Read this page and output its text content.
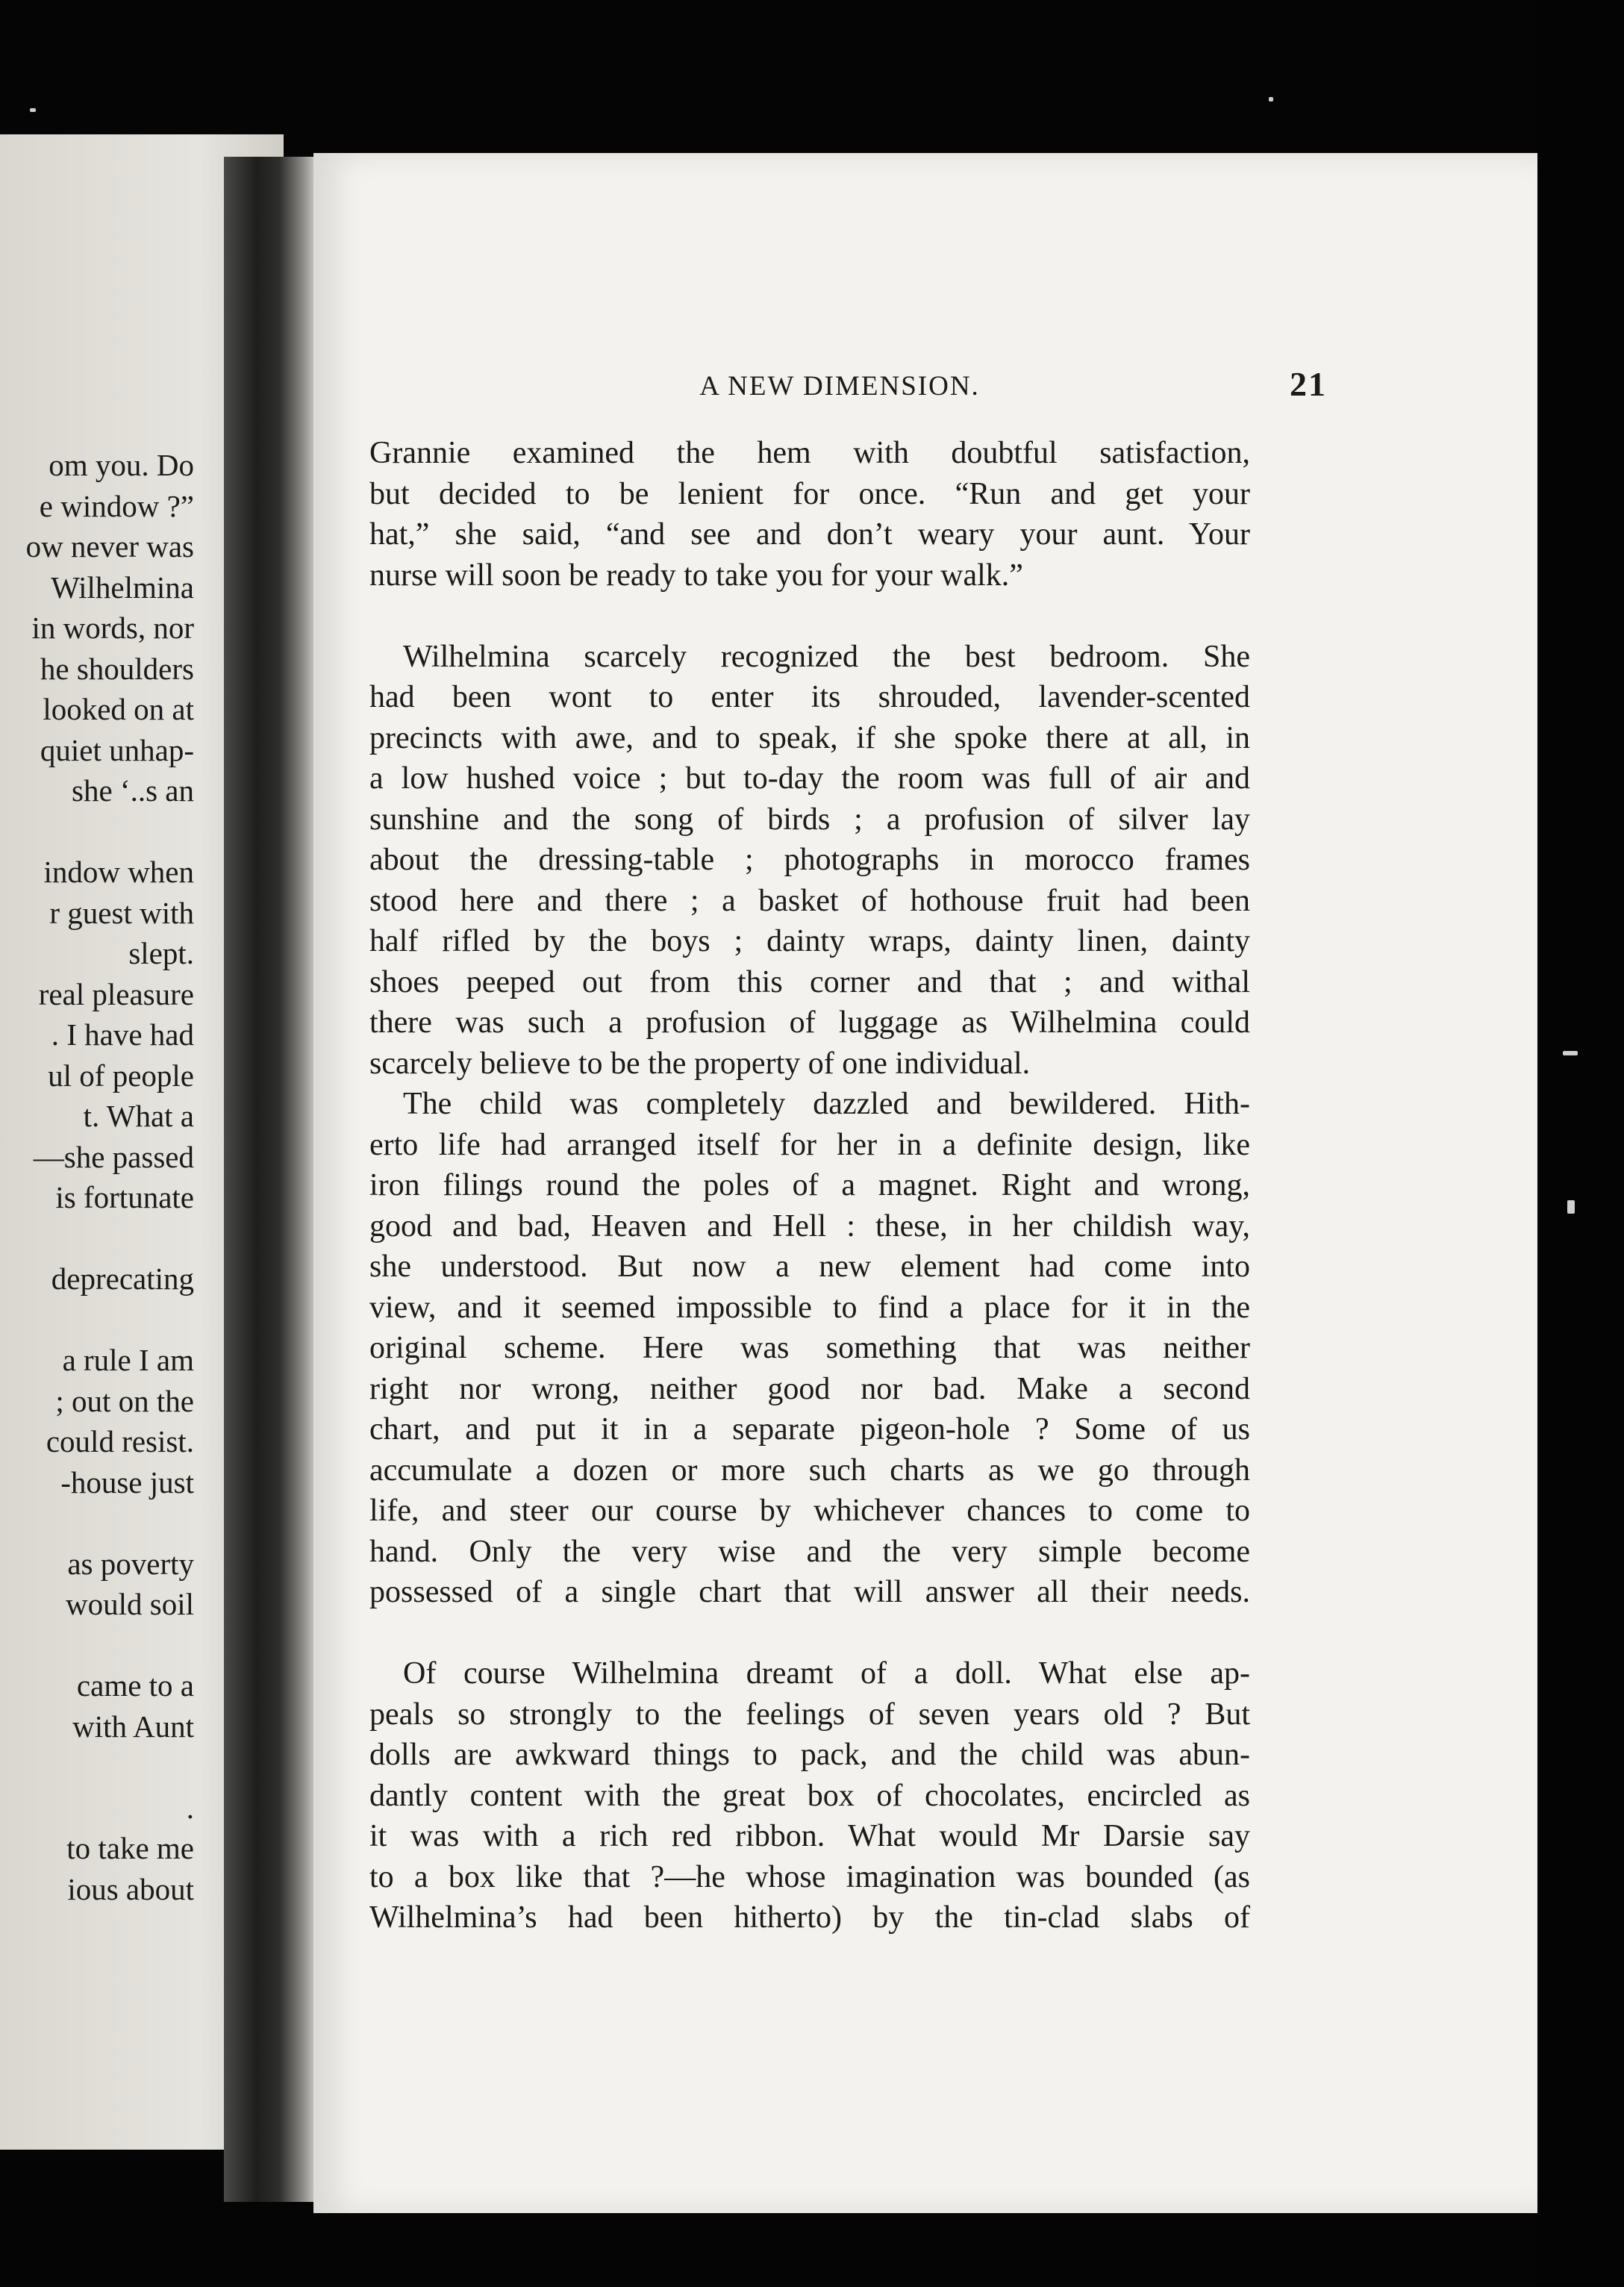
om you. Do
e window ?”
ow never was
Wilhelmina
in words, nor
he shoulders
looked on at
quiet unhap-
she ‘..s an
indow when
r guest with
slept.
real pleasure
. I have had
ul of people
t. What a
—she passed
is fortunate
deprecating
a rule I am
; out on the
could resist.
-house just
as poverty
would soil
came to a
with Aunt
.
to take me
ious about
A NEW DIMENSION.	21
Grannie examined the hem with doubtful satisfaction,
but decided to be lenient for once. “Run and get your
hat,” she said, “and see and don’t weary your aunt. Your
nurse will soon be ready to take you for your walk.”
Wilhelmina scarcely recognized the best bedroom. She
had been wont to enter its shrouded, lavender-scented
precincts with awe, and to speak, if she spoke there at all, in
a low hushed voice ; but to-day the room was full of air and
sunshine and the song of birds ; a profusion of silver lay
about the dressing-table ; photographs in morocco frames
stood here and there ; a basket of hothouse fruit had been
half rifled by the boys ; dainty wraps, dainty linen, dainty
shoes peeped out from this corner and that ; and withal
there was such a profusion of luggage as Wilhelmina could
scarcely believe to be the property of one individual.
The child was completely dazzled and bewildered. Hith-
erto life had arranged itself for her in a definite design, like
iron filings round the poles of a magnet. Right and wrong,
good and bad, Heaven and Hell : these, in her childish way,
she understood. But now a new element had come into
view, and it seemed impossible to find a place for it in the
original scheme. Here was something that was neither
right nor wrong, neither good nor bad. Make a second
chart, and put it in a separate pigeon-hole ? Some of us
accumulate a dozen or more such charts as we go through
life, and steer our course by whichever chances to come to
hand. Only the very wise and the very simple become
possessed of a single chart that will answer all their needs.
Of course Wilhelmina dreamt of a doll. What else ap-
peals so strongly to the feelings of seven years old ? But
dolls are awkward things to pack, and the child was abun-
dantly content with the great box of chocolates, encircled as
it was with a rich red ribbon. What would Mr Darsie say
to a box like that ?—he whose imagination was bounded (as
Wilhelmina’s had been hitherto) by the tin-clad slabs of
